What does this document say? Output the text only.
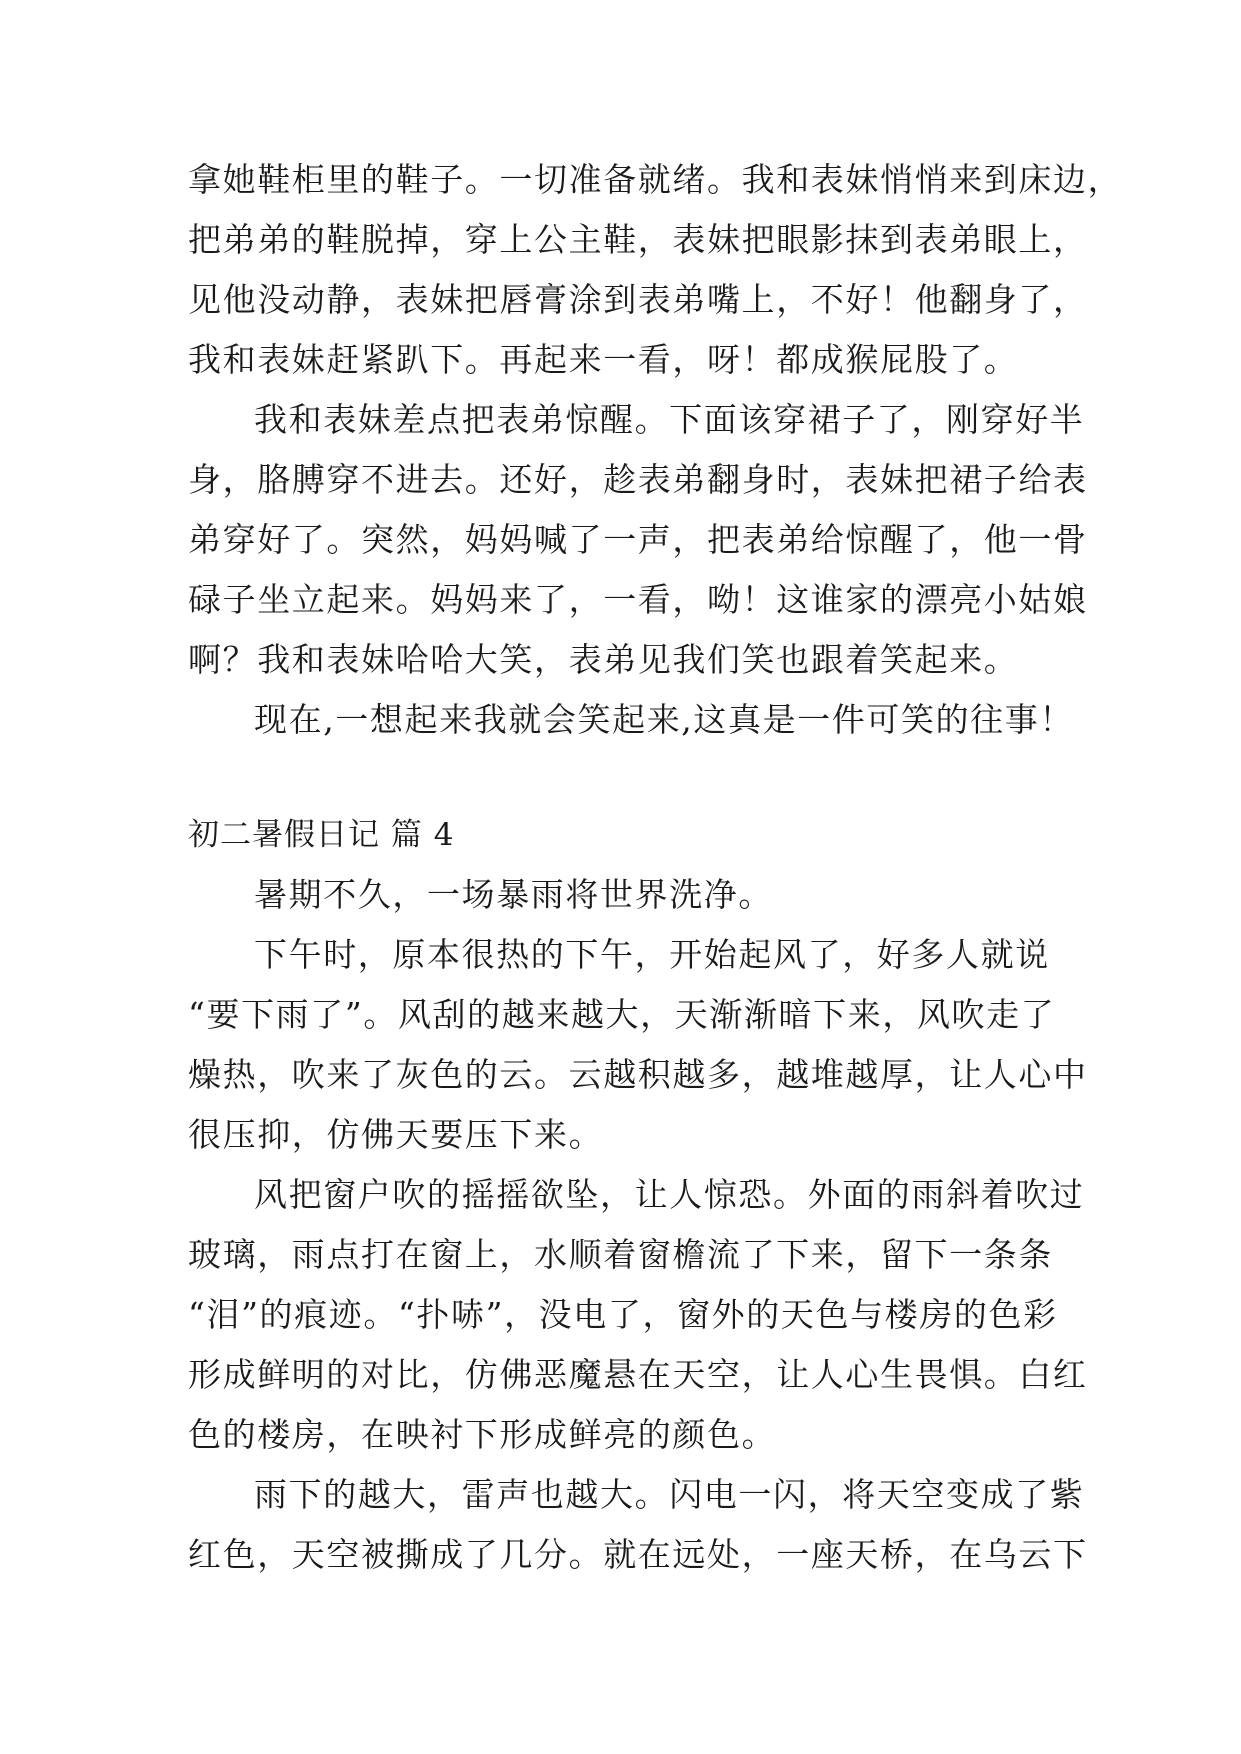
拿她鞋柜里的鞋子。一切准备就绪。我和表妹悄悄来到床边，
把弟弟的鞋脱掉，穿上公主鞋，表妹把眼影抹到表弟眼上，
见他没动静，表妹把唇膏涂到表弟嘴上，不好！他翻身了，
我和表妹赶紧趴下。再起来一看，呀！都成猴屁股了。
我和表妹差点把表弟惊醒。下面该穿裙子了，刚穿好半
身，胳膊穿不进去。还好，趁表弟翻身时，表妹把裙子给表
弟穿好了。突然，妈妈喊了一声，把表弟给惊醒了，他一骨
碌子坐立起来。妈妈来了，一看，呦！这谁家的漂亮小姑娘
啊？我和表妹哈哈大笑，表弟见我们笑也跟着笑起来。
现在,一想起来我就会笑起来,这真是一件可笑的往事！
初二暑假日记 篇 4
暑期不久，一场暴雨将世界洗净。
下午时，原本很热的下午，开始起风了，好多人就说
“要下雨了”。风刮的越来越大，天渐渐暗下来，风吹走了
燥热，吹来了灰色的云。云越积越多，越堆越厚，让人心中
很压抑，仿佛天要压下来。
风把窗户吹的摇摇欲坠，让人惊恐。外面的雨斜着吹过
玻璃，雨点打在窗上，水顺着窗檐流了下来，留下一条条
“泪”的痕迹。“扑哧”，没电了，窗外的天色与楼房的色彩
形成鲜明的对比，仿佛恶魔悬在天空，让人心生畏惧。白红
色的楼房，在映衬下形成鲜亮的颜色。
雨下的越大，雷声也越大。闪电一闪，将天空变成了紫
红色，天空被撕成了几分。就在远处，一座天桥，在乌云下
